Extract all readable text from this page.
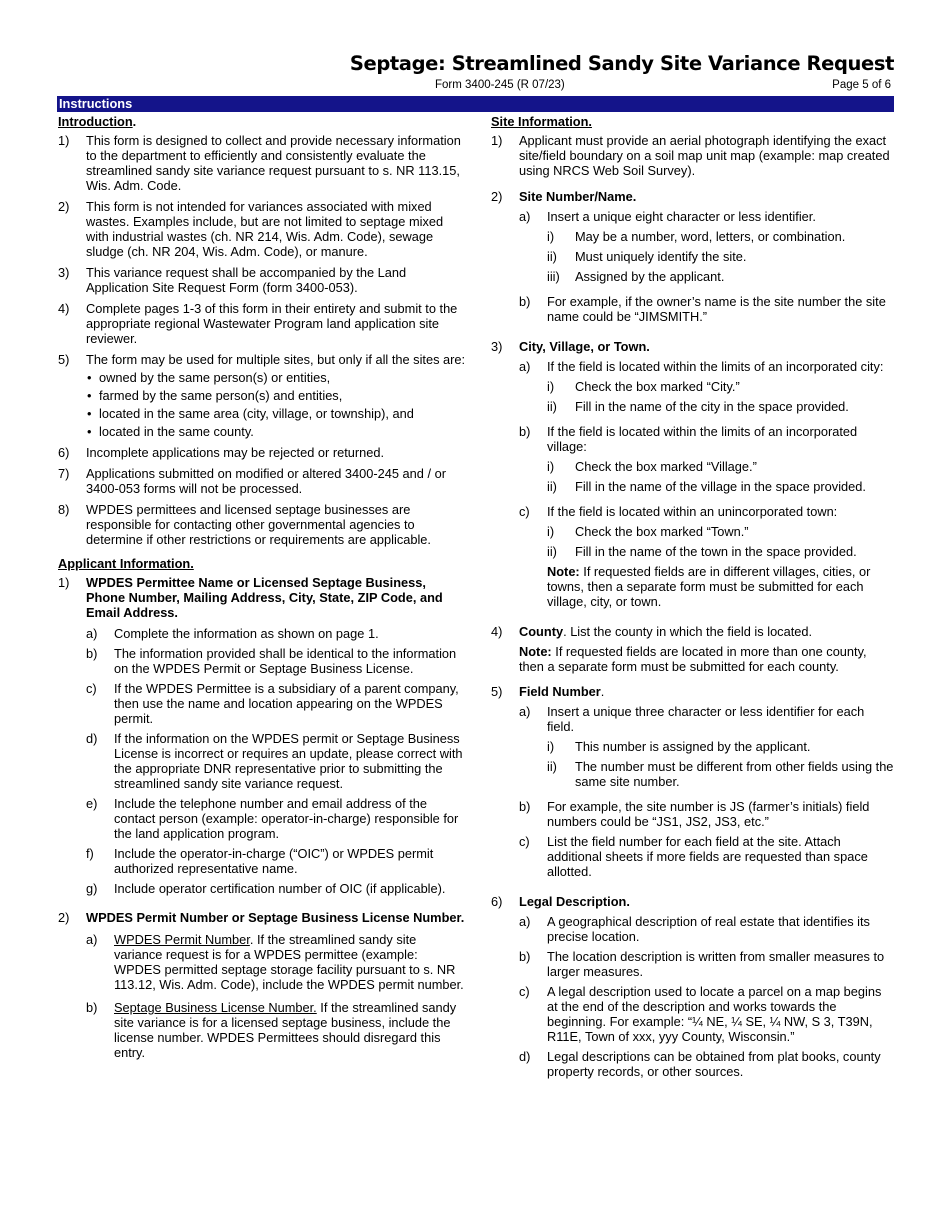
Septage: Streamlined Sandy Site Variance Request
Form 3400-245 (R 07/23)	Page 5 of 6
Instructions
Introduction.
1)	This form is designed to collect and provide necessary information to the department to efficiently and consistently evaluate the streamlined sandy site variance request pursuant to s. NR 113.15, Wis. Adm. Code.
2)	This form is not intended for variances associated with mixed wastes. Examples include, but are not limited to septage mixed with industrial wastes (ch. NR 214, Wis. Adm. Code), sewage sludge (ch. NR 204, Wis. Adm. Code), or manure.
3)	This variance request shall be accompanied by the Land Application Site Request Form (form 3400-053).
4)	Complete pages 1-3 of this form in their entirety and submit to the appropriate regional Wastewater Program land application site reviewer.
5)	The form may be used for multiple sites, but only if all the sites are:
• owned by the same person(s) or entities,
• farmed by the same person(s) and entities,
• located in the same area (city, village, or township), and
• located in the same county.
6)	Incomplete applications may be rejected or returned.
7)	Applications submitted on modified or altered 3400-245 and / or 3400-053 forms will not be processed.
8)	WPDES permittees and licensed septage businesses are responsible for contacting other governmental agencies to determine if other restrictions or requirements are applicable.
Applicant Information.
1)	WPDES Permittee Name or Licensed Septage Business, Phone Number, Mailing Address, City, State, ZIP Code, and Email Address.
a)	Complete the information as shown on page 1.
b)	The information provided shall be identical to the information on the WPDES Permit or Septage Business License.
c)	If the WPDES Permittee is a subsidiary of a parent company, then use the name and location appearing on the WPDES permit.
d)	If the information on the WPDES permit or Septage Business License is incorrect or requires an update, please correct with the appropriate DNR representative prior to submitting the streamlined sandy site variance request.
e)	Include the telephone number and email address of the contact person (example: operator-in-charge) responsible for the land application program.
f)	Include the operator-in-charge (“OIC”) or WPDES permit authorized representative name.
g)	Include operator certification number of OIC (if applicable).
2)	WPDES Permit Number or Septage Business License Number.
a)	WPDES Permit Number. If the streamlined sandy site variance request is for a WPDES permittee (example: WPDES permitted septage storage facility pursuant to s. NR 113.12, Wis. Adm. Code), include the WPDES permit number.
b)	Septage Business License Number. If the streamlined sandy site variance is for a licensed septage business, include the license number. WPDES Permittees should disregard this entry.
Site Information.
1)	Applicant must provide an aerial photograph identifying the exact site/field boundary on a soil map unit map (example: map created using NRCS Web Soil Survey).
2)	Site Number/Name.
a)	Insert a unique eight character or less identifier.
i)	May be a number, word, letters, or combination.
ii)	Must uniquely identify the site.
iii)	Assigned by the applicant.
b)	For example, if the owner’s name is the site number the site name could be “JIMSMITH.”
3)	City, Village, or Town.
a)	If the field is located within the limits of an incorporated city:
i)	Check the box marked “City.”
ii)	Fill in the name of the city in the space provided.
b)	If the field is located within the limits of an incorporated village:
i)	Check the box marked “Village.”
ii)	Fill in the name of the village in the space provided.
c)	If the field is located within an unincorporated town:
i)	Check the box marked “Town.”
ii)	Fill in the name of the town in the space provided.
Note: If requested fields are in different villages, cities, or towns, then a separate form must be submitted for each village, city, or town.
4)	County. List the county in which the field is located.
Note: If requested fields are located in more than one county, then a separate form must be submitted for each county.
5)	Field Number.
a)	Insert a unique three character or less identifier for each field.
i)	This number is assigned by the applicant.
ii)	The number must be different from other fields using the same site number.
b)	For example, the site number is JS (farmer’s initials) field numbers could be “JS1, JS2, JS3, etc.”
c)	List the field number for each field at the site. Attach additional sheets if more fields are requested than space allotted.
6)	Legal Description.
a)	A geographical description of real estate that identifies its precise location.
b)	The location description is written from smaller measures to larger measures.
c)	A legal description used to locate a parcel on a map begins at the end of the description and works towards the beginning. For example: “¼ NE, ¼ SE, ¼ NW, S 3, T39N, R11E, Town of xxx, yyy County, Wisconsin.”
d)	Legal descriptions can be obtained from plat books, county property records, or other sources.
